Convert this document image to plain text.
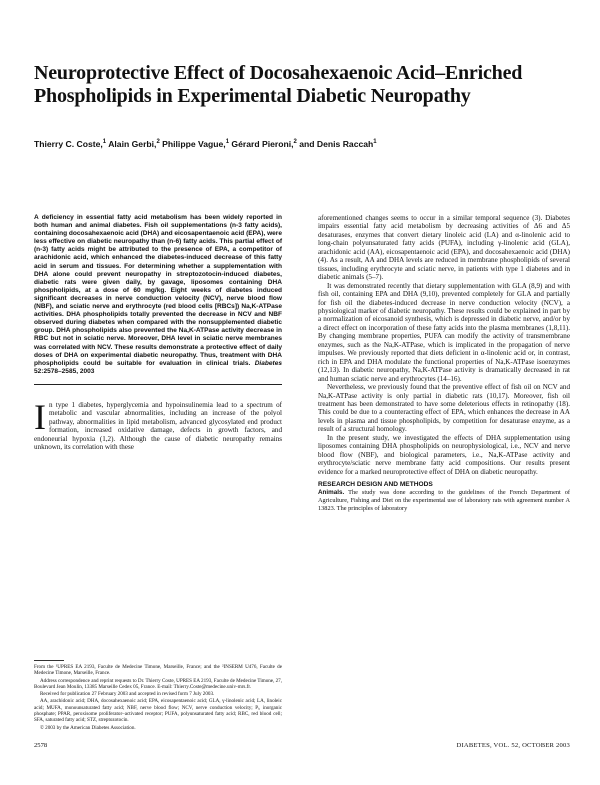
Neuroprotective Effect of Docosahexaenoic Acid–Enriched Phospholipids in Experimental Diabetic Neuropathy
Thierry C. Coste,$^1$ Alain Gerbi,$^2$ Philippe Vague,$^1$ Gérard Pieroni,$^2$ and Denis Raccah$^1$

A deficiency in essential fatty acid metabolism has been widely reported in both human and animal diabetes. Fish oil supplementations (n-3 fatty acids), containing docosahexaenoic acid (DHA) and eicosapentaenoic acid (EPA), were less effective on diabetic neuropathy than (n-6) fatty acids. This partial effect of (n-3) fatty acids might be attributed to the presence of EPA, a competitor of arachidonic acid, which enhanced the diabetes-induced decrease of this fatty acid in serum and tissues. For determining whether a supplementation with DHA alone could prevent neuropathy in streptozotocin-induced diabetes, diabetic rats were given daily, by gavage, liposomes containing DHA phospholipids, at a dose of 60 mg/kg. Eight weeks of diabetes induced significant decreases in nerve conduction velocity (NCV), nerve blood flow (NBF), and sciatic nerve and erythrocyte (red blood cells [RBCs]) Na,K-ATPase activities. DHA phospholipids totally prevented the decrease in NCV and NBF observed during diabetes when compared with the nonsupplemented diabetic group. DHA phospholipids also prevented the Na,K-ATPase activity decrease in RBC but not in sciatic nerve. Moreover, DHA level in sciatic nerve membranes was correlated with NCV. These results demonstrate a protective effect of daily doses of DHA on experimental diabetic neuropathy. Thus, treatment with DHA phospholipids could be suitable for evaluation in clinical trials. Diabetes 52:2578–2585, 2003

In type 1 diabetes, hyperglycemia and hypoinsulinemia lead to a spectrum of metabolic and vascular abnormalities, including an increase of the polyol pathway, abnormalities in lipid metabolism, advanced glycosylated end product formation, increased oxidative damage, defects in growth factors, and endoneurial hypoxia (1,2). Although the cause of diabetic neuropathy remains unknown, its correlation with these

From the ¹UPRES EA 2193, Faculte de Medecine Timone, Marseille, France; and the ²INSERM U476, Faculte de Medecine Timone, Marseille, France.

Address correspondence and reprint requests to Dr. Thierry Coste, UPRES EA 2193, Faculte de Medecine Timone, 27, Boulevard Jean Moulin, 13385 Marseille Cedex 05, France. E-mail: Thierry.Coste@medecine.univ-mrs.fr.

Received for publication 27 February 2003 and accepted in revised form 7 July 2003.

AA, arachidonic acid; DHA, docosahexaenoic acid; EPA, eicosapentaenoic acid; GLA, γ-linolenic acid; LA, linoleic acid; MUFA, monounsaturated fatty acid; NBF, nerve blood flow; NCV, nerve conduction velocity; Pᵢ, inorganic phosphate; PPAR, peroxisome proliferator–activated receptor; PUFA, polyunsaturated fatty acid; RBC, red blood cell; SFA, saturated fatty acid; STZ, streptozotocin.

© 2003 by the American Diabetes Association.

aforementioned changes seems to occur in a similar temporal sequence (3). Diabetes impairs essential fatty acid metabolism by decreasing activities of Δ6 and Δ5 desaturases, enzymes that convert dietary linoleic acid (LA) and α-linolenic acid to long-chain polyunsaturated fatty acids (PUFA), including γ-linolenic acid (GLA), arachidonic acid (AA), eicosapentaenoic acid (EPA), and docosahexaenoic acid (DHA) (4). As a result, AA and DHA levels are reduced in membrane phospholipids of several tissues, including erythrocyte and sciatic nerve, in patients with type 1 diabetes and in diabetic animals (5–7).

It was demonstrated recently that dietary supplementation with GLA (8,9) and with fish oil, containing EPA and DHA (9,10), prevented completely for GLA and partially for fish oil the diabetes-induced decrease in nerve conduction velocity (NCV), a physiological marker of diabetic neuropathy. These results could be explained in part by a normalization of eicosanoid synthesis, which is depressed in diabetic nerve, and/or by a direct effect on incorporation of these fatty acids into the plasma membranes (1,8,11). By changing membrane properties, PUFA can modify the activity of transmembrane enzymes, such as the Na,K-ATPase, which is implicated in the propagation of nerve impulses. We previously reported that diets deficient in α-linolenic acid or, in contrast, rich in EPA and DHA modulate the functional properties of Na,K-ATPase isoenzymes (12,13). In diabetic neuropathy, Na,K-ATPase activity is dramatically decreased in rat and human sciatic nerve and erythrocytes (14–16).

Nevertheless, we previously found that the preventive effect of fish oil on NCV and Na,K-ATPase activity is only partial in diabetic rats (10,17). Moreover, fish oil treatment has been demonstrated to have some deleterious effects in retinopathy (18). This could be due to a counteracting effect of EPA, which enhances the decrease in AA levels in plasma and tissue phospholipids, by competition for desaturase enzyme, as a result of a structural homology.

In the present study, we investigated the effects of DHA supplementation using liposomes containing DHA phospholipids on neurophysiological, i.e., NCV and nerve blood flow (NBF), and biological parameters, i.e., Na,K-ATPase activity and erythrocyte/sciatic nerve membrane fatty acid compositions. Our results present evidence for a marked neuroprotective effect of DHA on diabetic neuropathy.

RESEARCH DESIGN AND METHODS

Animals. The study was done according to the guidelines of the French Department of Agriculture, Fishing and Diet on the experimental use of laboratory rats with agreement number A 13823. The principles of laboratory

2578	DIABETES, VOL. 52, OCTOBER 2003
